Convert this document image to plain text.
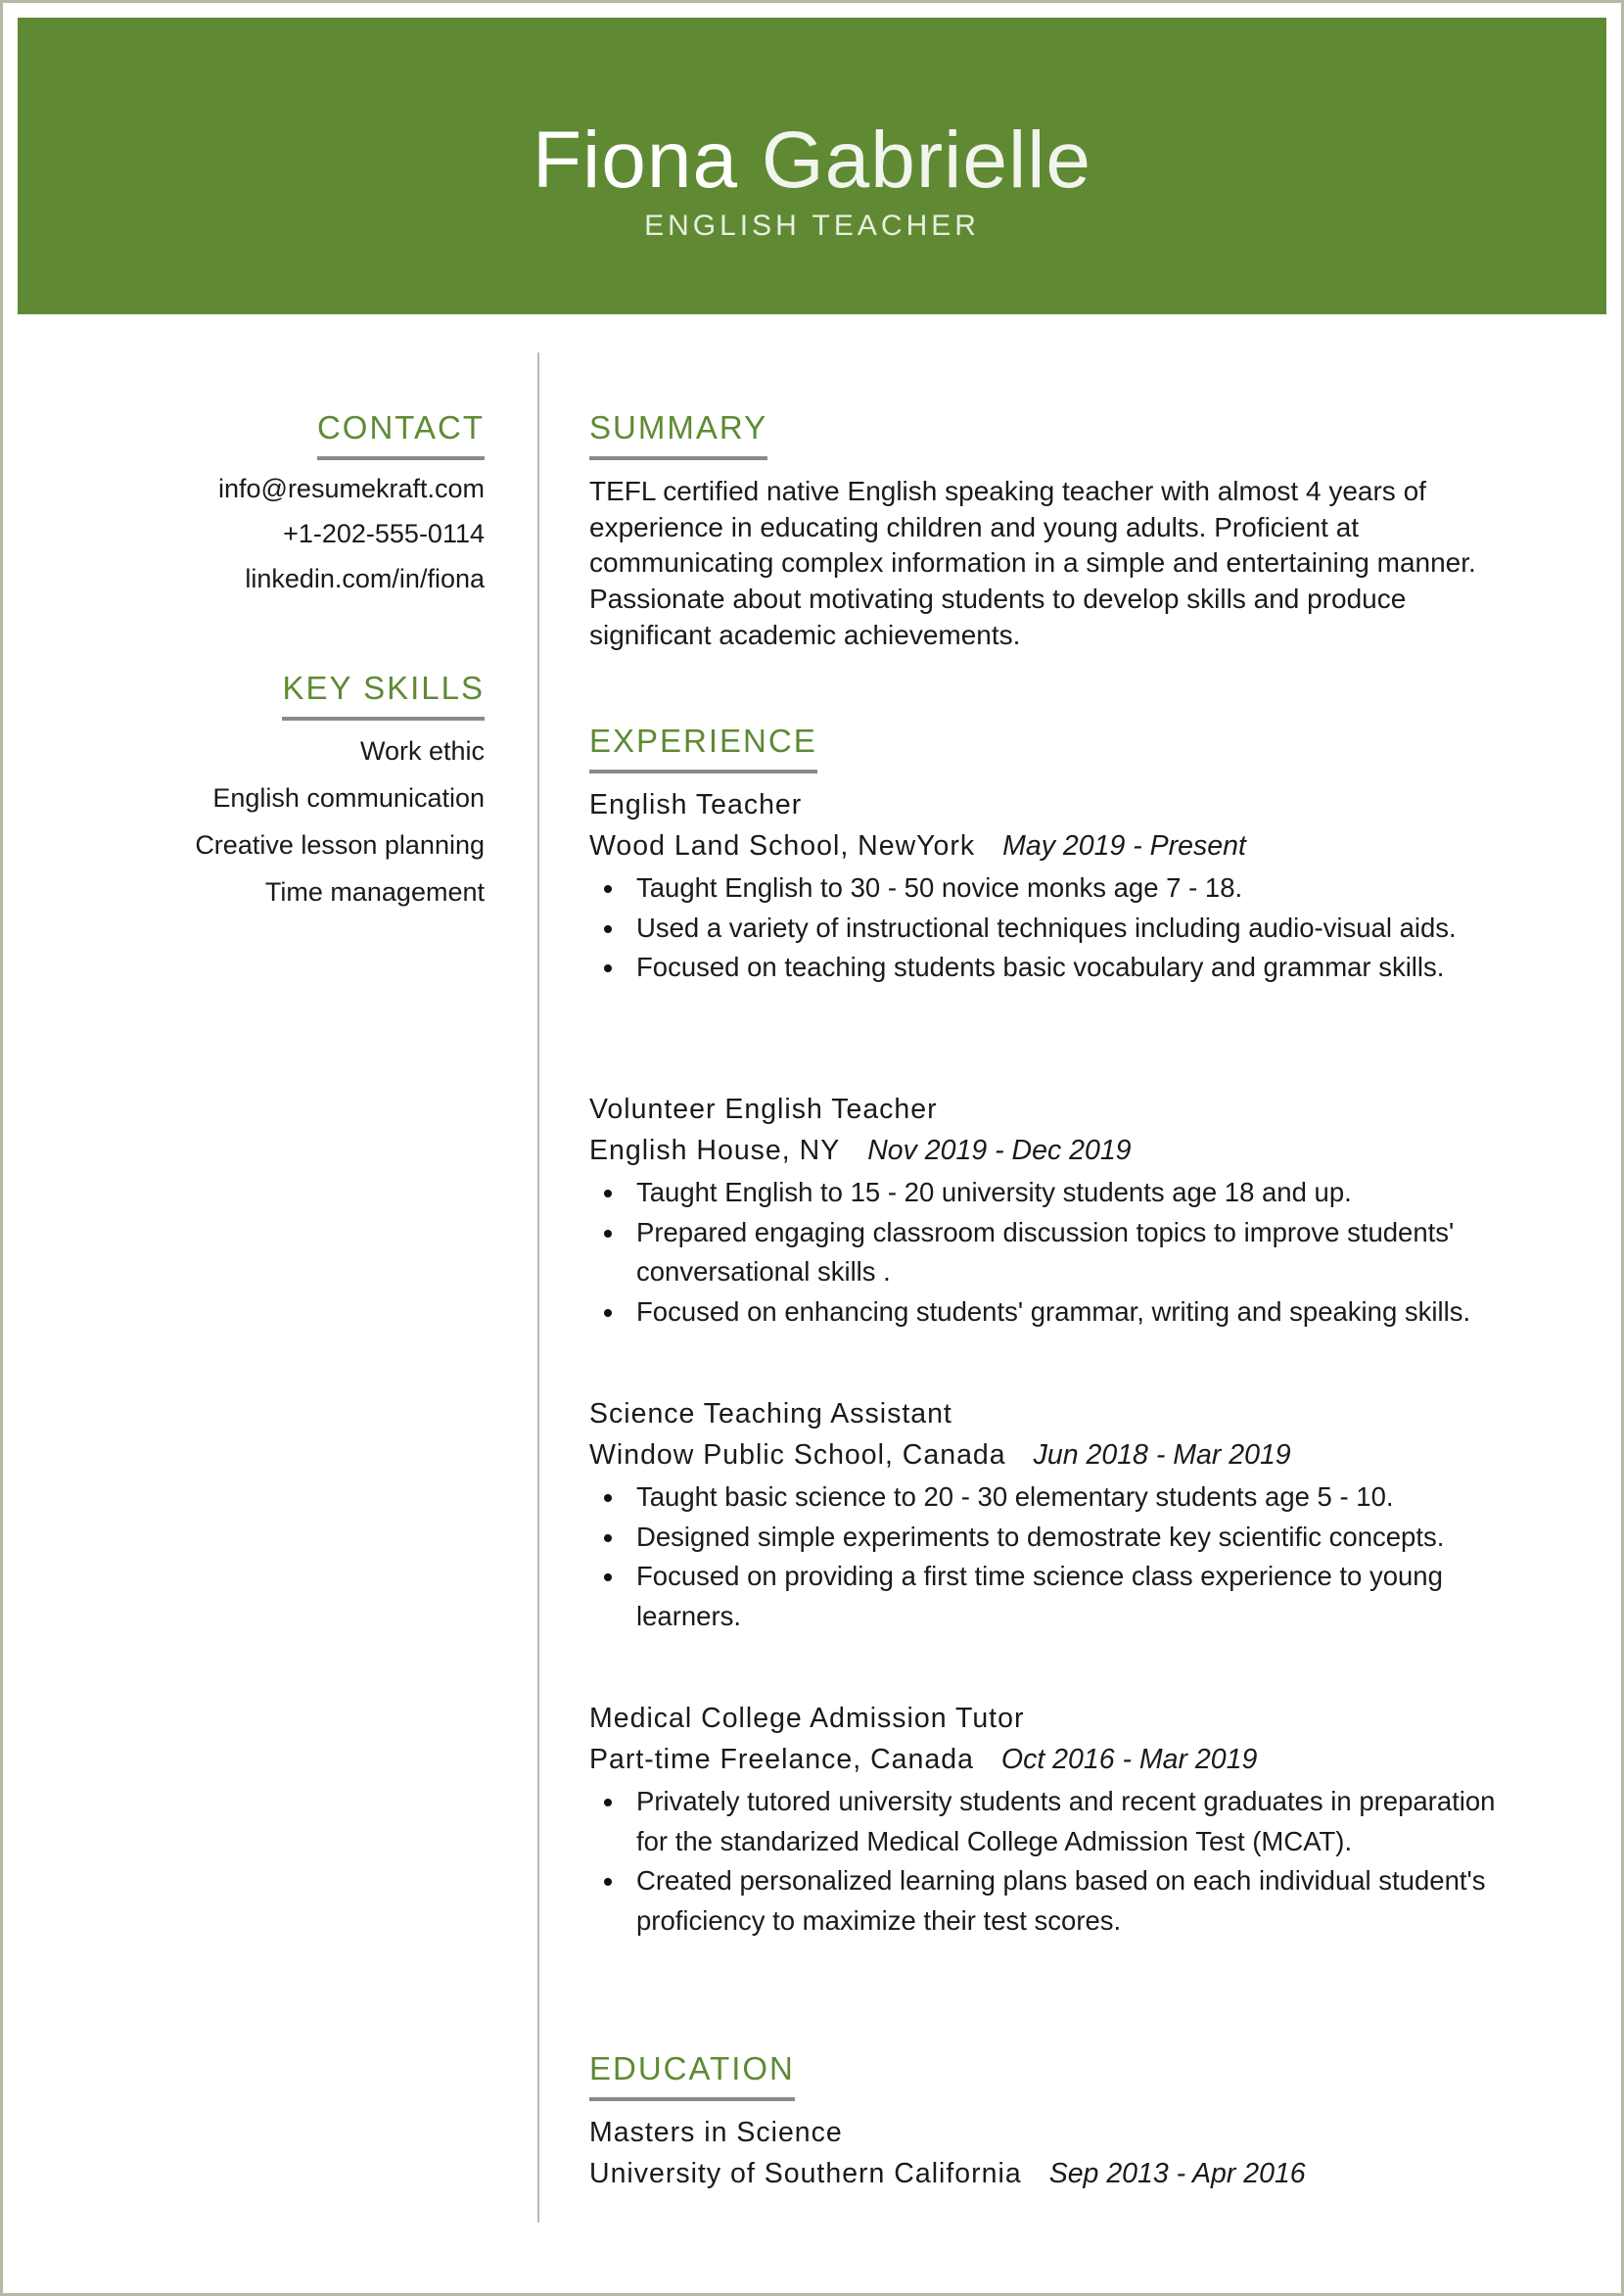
Fiona Gabrielle
ENGLISH TEACHER
CONTACT
info@resumekraft.com
+1-202-555-0114
linkedin.com/in/fiona
KEY SKILLS
Work ethic
English communication
Creative lesson planning
Time management
SUMMARY

TEFL certified native English speaking teacher with almost 4 years of experience in educating children and young adults. Proficient at communicating complex information in a simple and entertaining manner. Passionate about motivating students to develop skills and produce significant academic achievements.

EXPERIENCE
English Teacher
Wood Land School, NewYork May 2019 - Present
Taught English to 30 - 50 novice monks age 7 - 18.
Used a variety of instructional techniques including audio-visual aids.
Focused on teaching students basic vocabulary and grammar skills.
Volunteer English Teacher
English House, NY Nov 2019 - Dec 2019
Taught English to 15 - 20 university students age 18 and up.
Prepared engaging classroom discussion topics to improve students' conversational skills .
Focused on enhancing students' grammar, writing and speaking skills.
Science Teaching Assistant
Window Public School, Canada Jun 2018 - Mar 2019
Taught basic science to 20 - 30 elementary students age 5 - 10.
Designed simple experiments to demostrate key scientific concepts.
Focused on providing a first time science class experience to young learners.
Medical College Admission Tutor
Part-time Freelance, Canada Oct 2016 - Mar 2019
Privately tutored university students and recent graduates in preparation for the standarized Medical College Admission Test (MCAT).
Created personalized learning plans based on each individual student's proficiency to maximize their test scores.
EDUCATION
Masters in Science
University of Southern California Sep 2013 - Apr 2016
